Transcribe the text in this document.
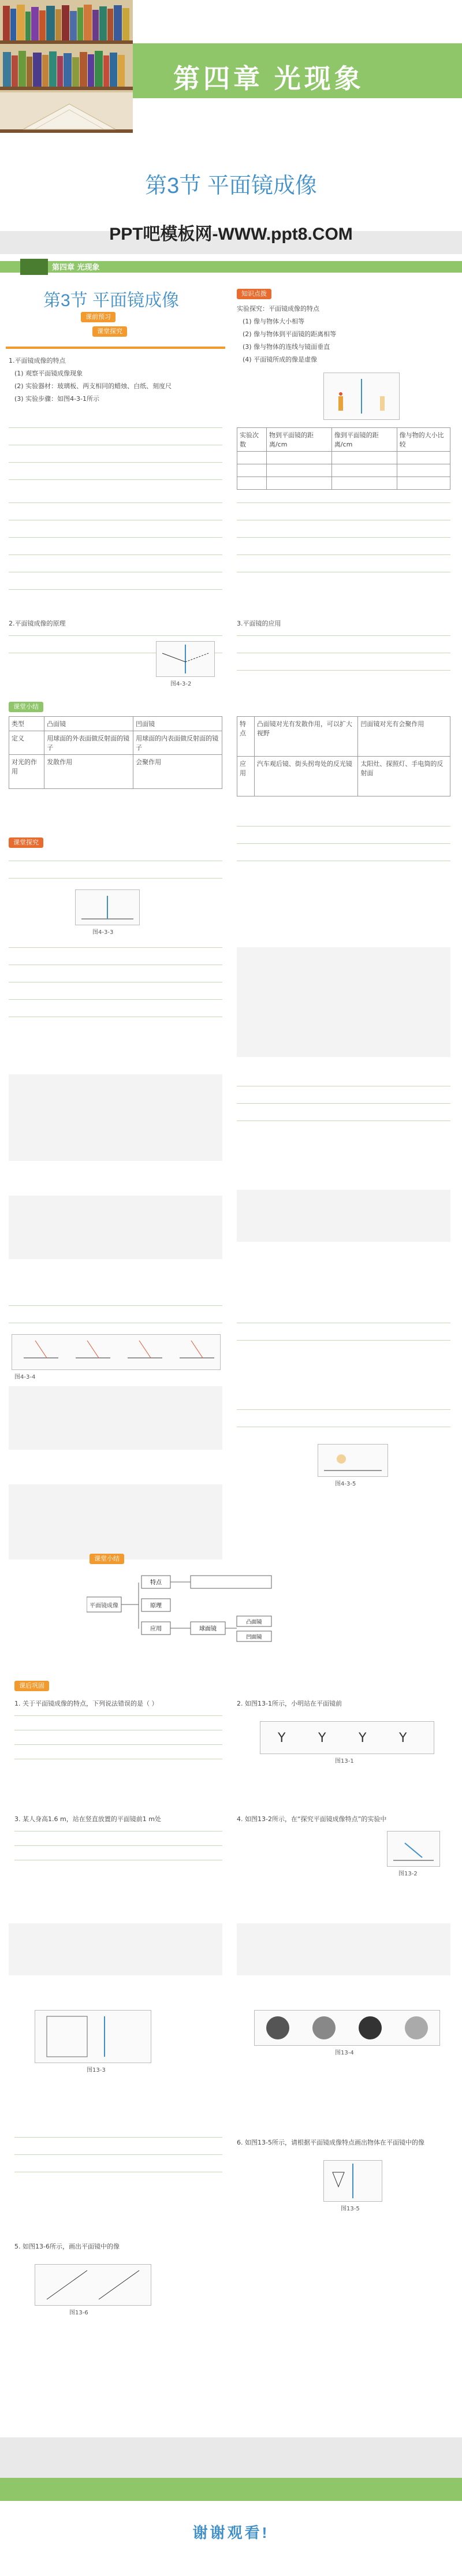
第四章 光现象
第3节 平面镜成像
PPT吧模板网-WWW.ppt8.COM
第四章 光现象
第3节 平面镜成像
课前预习
课堂探究
1.平面镜成像的特点
(1) 观察平面镜成像现象
(2) 实验器材：玻璃板、两支相同的蜡烛、白纸、刻度尺
(3) 实验步骤：如图4-3-1所示
知识点拨
实验探究：平面镜成像的特点
(1) 像与物体大小相等
(2) 像与物体到平面镜的距离相等
(3) 像与物体的连线与镜面垂直
(4) 平面镜所成的像是虚像
实验次数	物到平面镜的距离/cm	像到平面镜的距离/cm	像与物的大小比较

2.平面镜成像的原理
图4-3-2
3.平面镜的应用
课堂小结
类型	凸面镜	凹面镜
定义	用球面的外表面做反射面的镜子	用球面的内表面做反射面的镜子
对光的作用	发散作用	会聚作用
特点	凸面镜对光有发散作用，可以扩大视野	凹面镜对光有会聚作用
应用	汽车观后镜、街头拐弯处的反光镜	太阳灶、探照灯、手电筒的反射面
课堂探究
图4-3-3
图4-3-4
图4-3-5
课堂小结
平面镜成像
特点
原理
应用	球面镜
凸面镜
凹面镜
课后巩固
1. 关于平面镜成像的特点，下列说法错误的是（ ）	2. 如图13-1所示，小明站在平面镜前
Y	Y	Y	Y
图13-1
3. 某人身高1.6 m，站在竖直放置的平面镜前1 m处	4. 如图13-2所示，在“探究平面镜成像特点”的实验中
图13-2
图13-3
图13-4
6. 如图13-5所示，请根据平面镜成像特点画出物体在平面镜中的像
图13-5
5. 如图13-6所示，画出平面镜中的像
图13-6
谢谢观看!
